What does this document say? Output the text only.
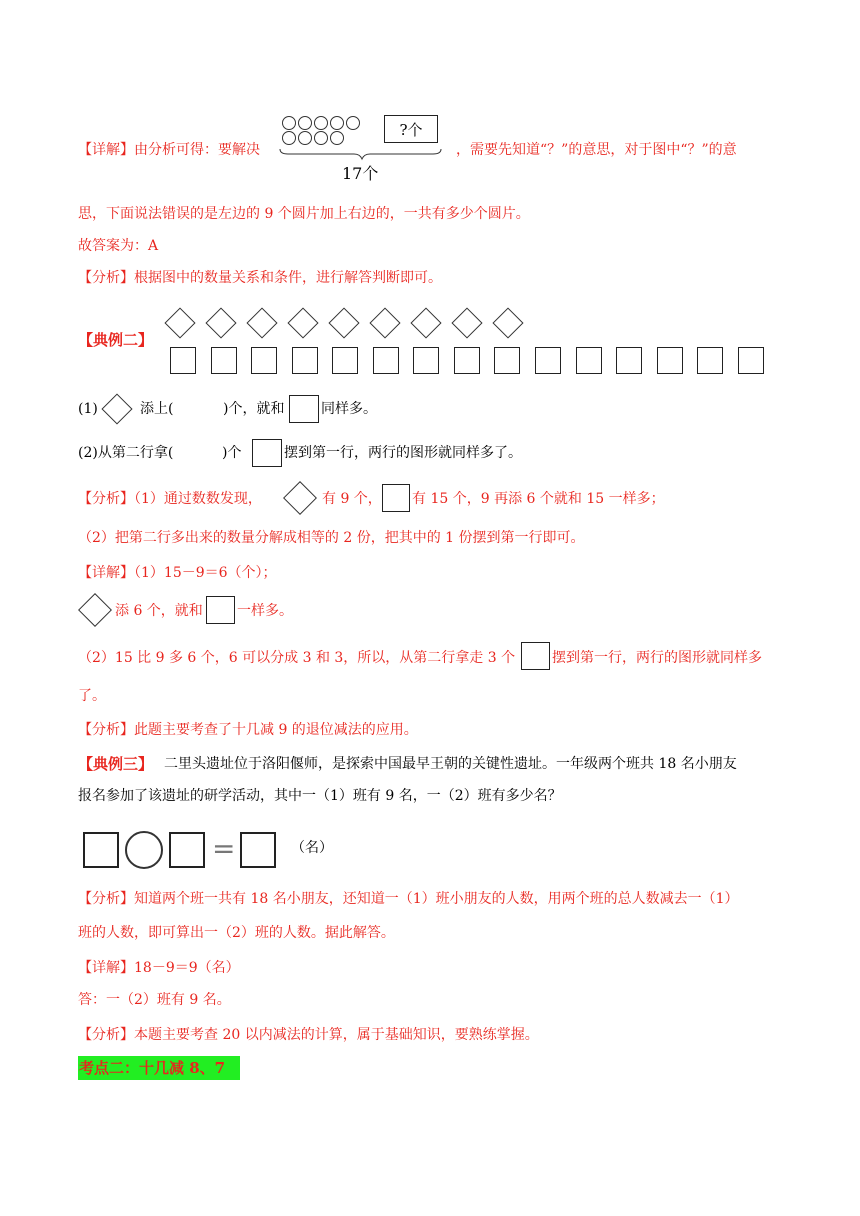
【详解】由分析可得：要解决
?个
17个
，需要先知道“？”的意思，对于图中“？”的意
思，下面说法错误的是左边的 9 个圆片加上右边的，一共有多少个圆片。
故答案为：A
【分析】根据图中的数量关系和条件，进行解答判断即可。
【典例二】
(1)	添上(	)个，就和	同样多。
(2)从第二行拿(	)个	摆到第一行，两行的图形就同样多了。
【分析】（1）通过数数发现，	有 9 个， 有 15 个，9 再添 6 个就和 15 一样多；
（2）把第二行多出来的数量分解成相等的 2 份，把其中的 1 份摆到第一行即可。
【详解】（1）15－9＝6（个）；
添 6 个，就和 一样多。
（2）15 比 9 多 6 个，6 可以分成 3 和 3，所以，从第二行拿走 3 个	摆到第一行，两行的图形就同样多
了。
【分析】此题主要考查了十几减 9 的退位减法的应用。
【典例三】 二里头遗址位于洛阳偃师，是探索中国最早王朝的关键性遗址。一年级两个班共 18 名小朋友
报名参加了该遗址的研学活动，其中一（1）班有 9 名，一（2）班有多少名？
=	（名）
【分析】知道两个班一共有 18 名小朋友，还知道一（1）班小朋友的人数，用两个班的总人数减去一（1）
班的人数，即可算出一（2）班的人数。据此解答。
【详解】18－9＝9（名）
答：一（2）班有 9 名。
【分析】本题主要考查 20 以内减法的计算，属于基础知识，要熟练掌握。
考点二：十几减 8、7
